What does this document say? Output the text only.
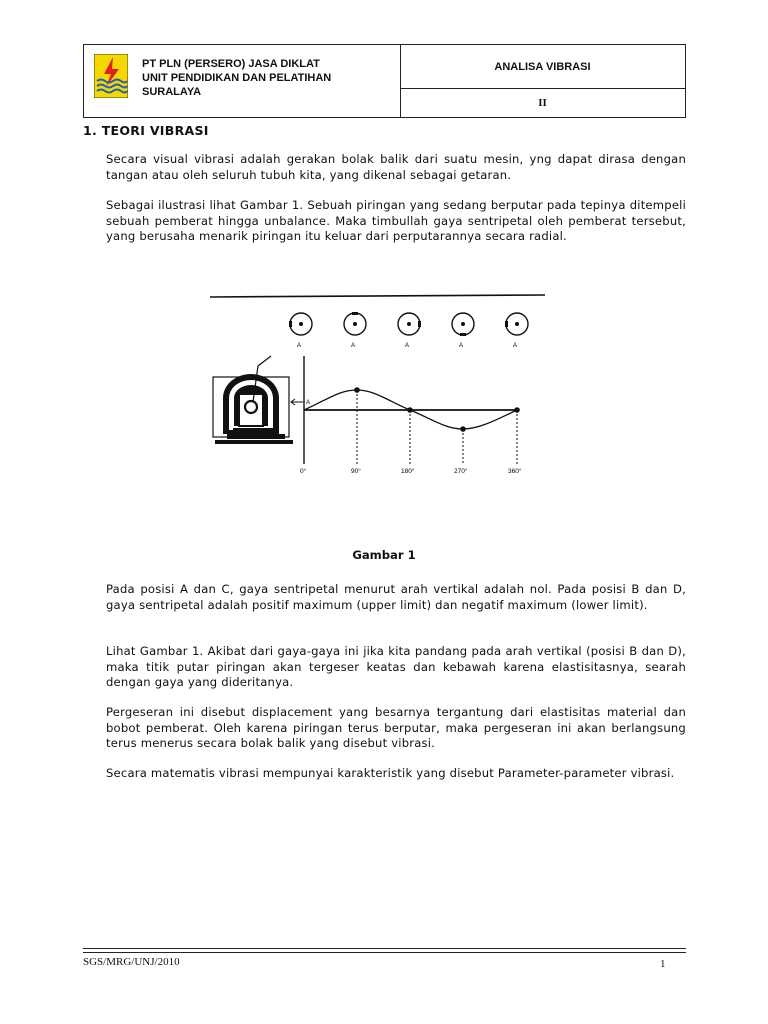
PT PLN (PERSERO) JASA DIKLAT
UNIT PENDIDIKAN DAN PELATIHAN
SURALAYA
ANALISA VIBRASI
II
1. TEORI VIBRASI
Secara visual vibrasi adalah gerakan bolak balik dari suatu mesin, yng dapat dirasa dengan tangan atau oleh seluruh tubuh kita, yang dikenal sebagai getaran.
Sebagai ilustrasi lihat Gambar 1. Sebuah piringan yang sedang berputar pada tepinya ditempeli sebuah pemberat hingga unbalance. Maka timbullah gaya sentripetal oleh pemberat tersebut, yang berusaha menarik piringan itu keluar dari perputarannya secara radial.
A	A	A	A	A
A
0°	90°	180°	270°	360°
Gambar 1
Pada posisi A dan C, gaya sentripetal menurut arah vertikal adalah nol. Pada posisi B dan D, gaya sentripetal adalah positif maximum (upper limit) dan negatif maximum (lower limit).
Lihat Gambar 1. Akibat dari gaya-gaya ini jika kita pandang pada arah vertikal (posisi B dan D), maka titik putar piringan akan tergeser keatas dan kebawah karena elastisitasnya, searah dengan gaya yang dideritanya.
Pergeseran ini disebut displacement yang besarnya tergantung dari elastisitas material dan bobot pemberat. Oleh karena piringan terus berputar, maka pergeseran ini akan berlangsung terus menerus secara bolak balik yang disebut vibrasi.
Secara matematis vibrasi mempunyai karakteristik yang disebut Parameter-parameter vibrasi.
SGS/MRG/UNJ/2010	1
